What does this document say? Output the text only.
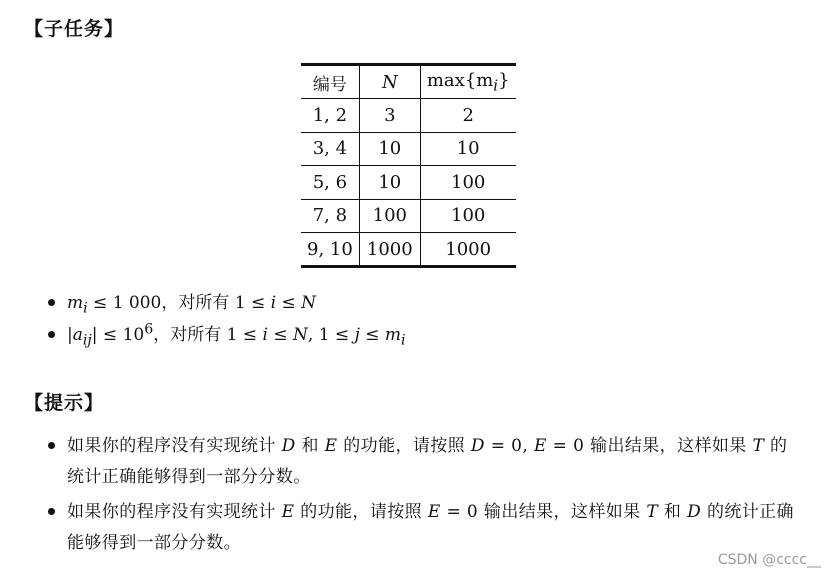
【子任务】
编号	N	$\max\{m_i\}$
1, 2	3	2
3, 4	10	10
5, 6	10	100
7, 8	100	100
9, 10	1000	1000
$m_i \le 1$ 000，对所有 1 ≤ i ≤ N
$|a_{ij}| \le 10^6$，对所有 1 ≤ i ≤ N, $1 \le j \le m_i$
【提示】
如果你的程序没有实现统计 D 和 E 的功能，请按照 D = 0, E = 0 输出结果，这样如果 T 的统计正确能够得到一部分分数。
如果你的程序没有实现统计 E 的功能，请按照 E = 0 输出结果，这样如果 T 和 D 的统计正确能够得到一部分分数。
CSDN @cccc__
